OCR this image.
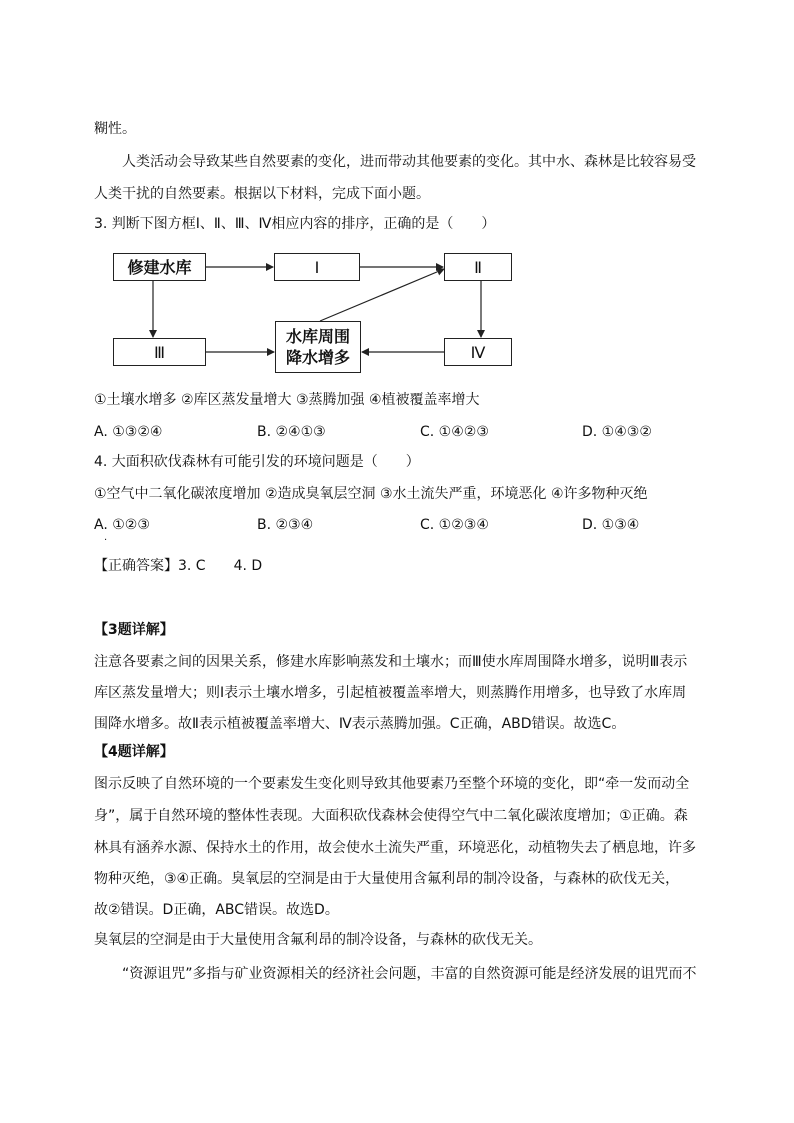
糊性。
人类活动会导致某些自然要素的变化，进而带动其他要素的变化。其中水、森林是比较容易受
人类干扰的自然要素。根据以下材料，完成下面小题。
3. 判断下图方框Ⅰ、Ⅱ、Ⅲ、Ⅳ相应内容的排序，正确的是（　　）
修建水库	Ⅰ	Ⅱ
Ⅲ	Ⅳ
水库周围
降水增多
①土壤水增多 ②库区蒸发量增大 ③蒸腾加强 ④植被覆盖率增大
A. ①③②④	B. ②④①③	C. ①④②③	D. ①④③②
4. 大面积砍伐森林有可能引发的环境问题是（　　）
①空气中二氧化碳浓度增加 ②造成臭氧层空洞 ③水土流失严重，环境恶化 ④许多物种灭绝
A. ①②③	B. ②③④	C. ①②③④	D. ①③④
.
【正确答案】3. C　　4. D
【3题详解】
注意各要素之间的因果关系，修建水库影响蒸发和土壤水；而Ⅲ使水库周围降水增多，说明Ⅲ表示
库区蒸发量增大；则Ⅰ表示土壤水增多，引起植被覆盖率增大，则蒸腾作用增多，也导致了水库周
围降水增多。故Ⅱ表示植被覆盖率增大、Ⅳ表示蒸腾加强。C正确，ABD错误。故选C。
【4题详解】
图示反映了自然环境的一个要素发生变化则导致其他要素乃至整个环境的变化，即“牵一发而动全
身”，属于自然环境的整体性表现。大面积砍伐森林会使得空气中二氧化碳浓度增加；①正确。森
林具有涵养水源、保持水土的作用，故会使水土流失严重，环境恶化，动植物失去了栖息地，许多
物种灭绝，③④正确。臭氧层的空洞是由于大量使用含氟利昂的制冷设备，与森林的砍伐无关，
故②错误。D正确，ABC错误。故选D。
臭氧层的空洞是由于大量使用含氟利昂的制冷设备，与森林的砍伐无关。
“资源诅咒”多指与矿业资源相关的经济社会问题，丰富的自然资源可能是经济发展的诅咒而不
